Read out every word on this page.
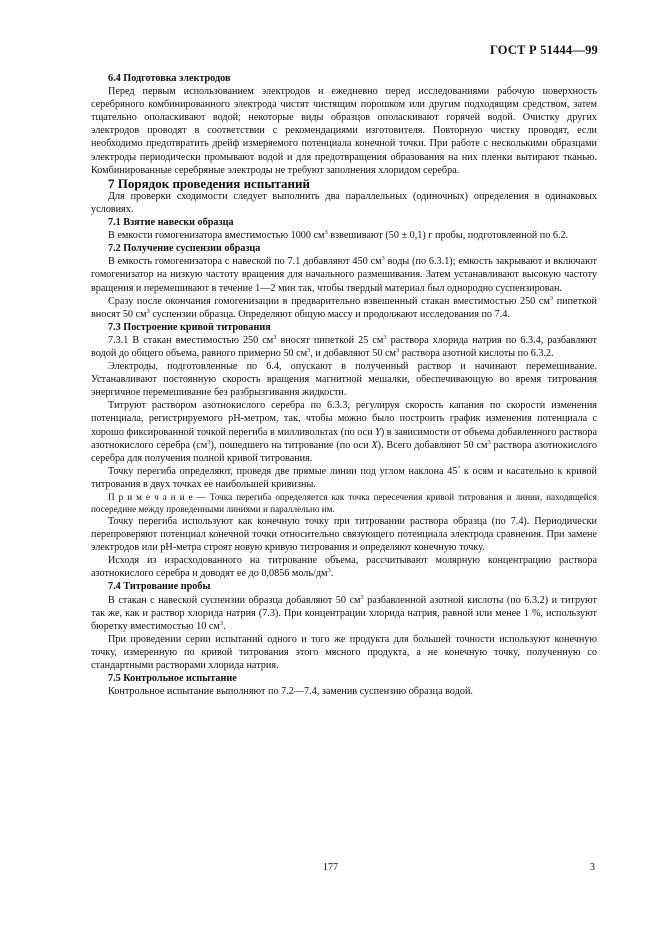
ГОСТ Р 51444—99

6.4 Подготовка электродов

Перед первым использованием электродов и ежедневно перед исследованиями рабочую поверхность серебряного комбинированного электрода чистят чистящим порошком или другим подходящим средством, затем тщательно ополаскивают водой; некоторые виды образцов ополаскивают горячей водой. Очистку других электродов проводят в соответствии с рекомендациями изготовителя. Повторную чистку проводят, если необходимо предотвратить дрейф измеряемого потенциала конечной точки. При работе с несколькими образцами электроды периодически промывают водой и для предотвращения образования на них пленки вытирают тканью. Комбинированные серебряные электроды не требуют заполнения хлоридом серебра.

7 Порядок проведения испытаний

Для проверки сходимости следует выполнить два параллельных (одиночных) определения в одинаковых условиях.

7.1 Взятие навески образца

В емкости гомогенизатора вместимостью 1000 $см^3$ взвешивают (50 ± 0,1) г пробы, подготовленной по 6.2.

7.2 Получение суспензии образца

В емкость гомогенизатора с навеской по 7.1 добавляют 450 $см^3$ воды (по 6.3.1); емкость закрывают и включают гомогенизатор на низкую частоту вращения для начального размешивания. Затем устанавливают высокую частоту вращения и перемешивают в течение 1—2 мин так, чтобы твердый материал был однородно суспензирован.

Сразу после окончания гомогенизации в предварительно взвешенный стакан вместимостью 250 $см^3$ пипеткой вносят 50 $см^3$ суспензии образца. Определяют общую массу и продолжают исследования по 7.4.

7.3 Построение кривой титрования

7.3.1 В стакан вместимостью 250 $см^3$ вносят пипеткой 25 $см^3$ раствора хлорида натрия по 6.3.4, разбавляют водой до общего объема, равного примерно 50 $см^3$, и добавляют 50 $см^3$ раствора азотной кислоты по 6.3.2.

Электроды, подготовленные по 6.4, опускают в полученный раствор и начинают перемешивание. Устанавливают постоянную скорость вращения магнитной мешалки, обеспечивающую во время титрования энергичное перемешивание без разбрызгивания жидкости.

Титруют раствором азотнокислого серебра по 6.3.3, регулируя скорость капания по скорости изменения потенциала, регистрируемого рН-метром, так, чтобы можно было построить график изменения потенциала с хорошо фиксированной точкой перегиба в милливольтах (по оси Y) в зависимости от объема добавленного раствора азотнокислого серебра $(см^3)$, пошедшего на титрование (по оси X). Всего добавляют 50 $см^3$ раствора азотнокислого серебра для получения полной кривой титрования.

Точку перегиба определяют, проведя две прямые линии под углом наклона 45° к осям и касательно к кривой титрования в двух точках ее наибольшей кривизны.

П р и м е ч а н и е — Точка перегиба определяется как точка пересечения кривой титрования и линии, находящейся посередине между проведенными линиями и параллельно им.

Точку перегиба используют как конечную точку при титровании раствора образца (по 7.4). Периодически перепроверяют потенциал конечной точки относительно связующего потенциала электрода сравнения. При замене электродов или рН-метра строят новую кривую титрования и определяют конечную точку.

Исходя из израсходованного на титрование объема, рассчитывают молярную концентрацию раствора азотнокислого серебра и доводят ее до 0,0856 моль/$дм^3$.

7.4 Титрование пробы

В стакан с навеской суспензии образца добавляют 50 $см^3$ разбавленной азотной кислоты (по 6.3.2) и титруют так же, как и раствор хлорида натрия (7.3). При концентрации хлорида натрия, равной или менее 1 %, используют бюретку вместимостью 10 $см^3$.

При проведении серии испытаний одного и того же продукта для большей точности используют конечную точку, измеренную по кривой титрования этого мясного продукта, а не конечную точку, полученную со стандартными растворами хлорида натрия.

7.5 Контрольное испытание

Контрольное испытание выполняют по 7.2—7.4, заменив суспензию образца водой.

177	3
